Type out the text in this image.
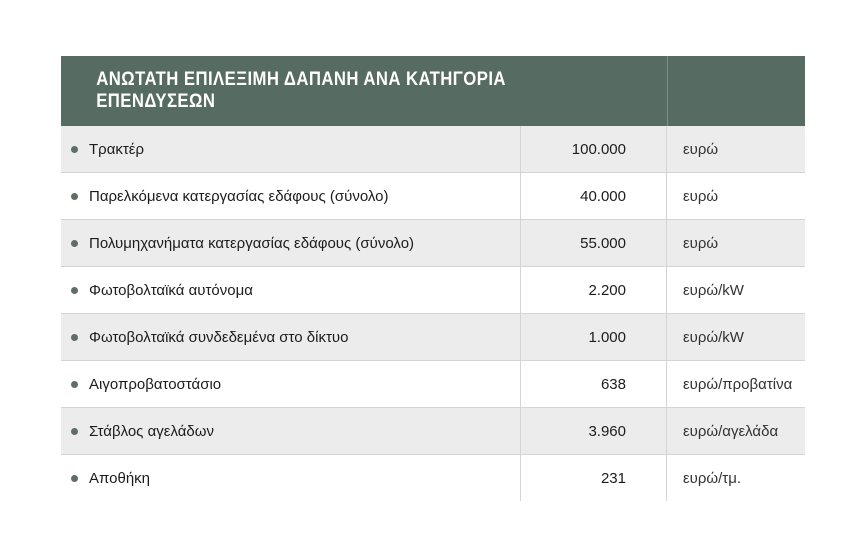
ΑΝΩΤΑΤΗ ΕΠΙΛΕΞΙΜΗ ΔΑΠΑΝΗ ΑΝΑ ΚΑΤΗΓΟΡΙΑ ΕΠΕΝΔΥΣΕΩΝ
Τρακτέρ	100.000	ευρώ
Παρελκόμενα κατεργασίας εδάφους (σύνολο)	40.000	ευρώ
Πολυμηχανήματα κατεργασίας εδάφους (σύνολο)	55.000	ευρώ
Φωτοβολταϊκά αυτόνομα	2.200	ευρώ/kW
Φωτοβολταϊκά συνδεδεμένα στο δίκτυο	1.000	ευρώ/kW
Αιγοπροβατοστάσιο	638	ευρώ/προβατίνα
Στάβλος αγελάδων	3.960	ευρώ/αγελάδα
Αποθήκη	231	ευρώ/τμ.
